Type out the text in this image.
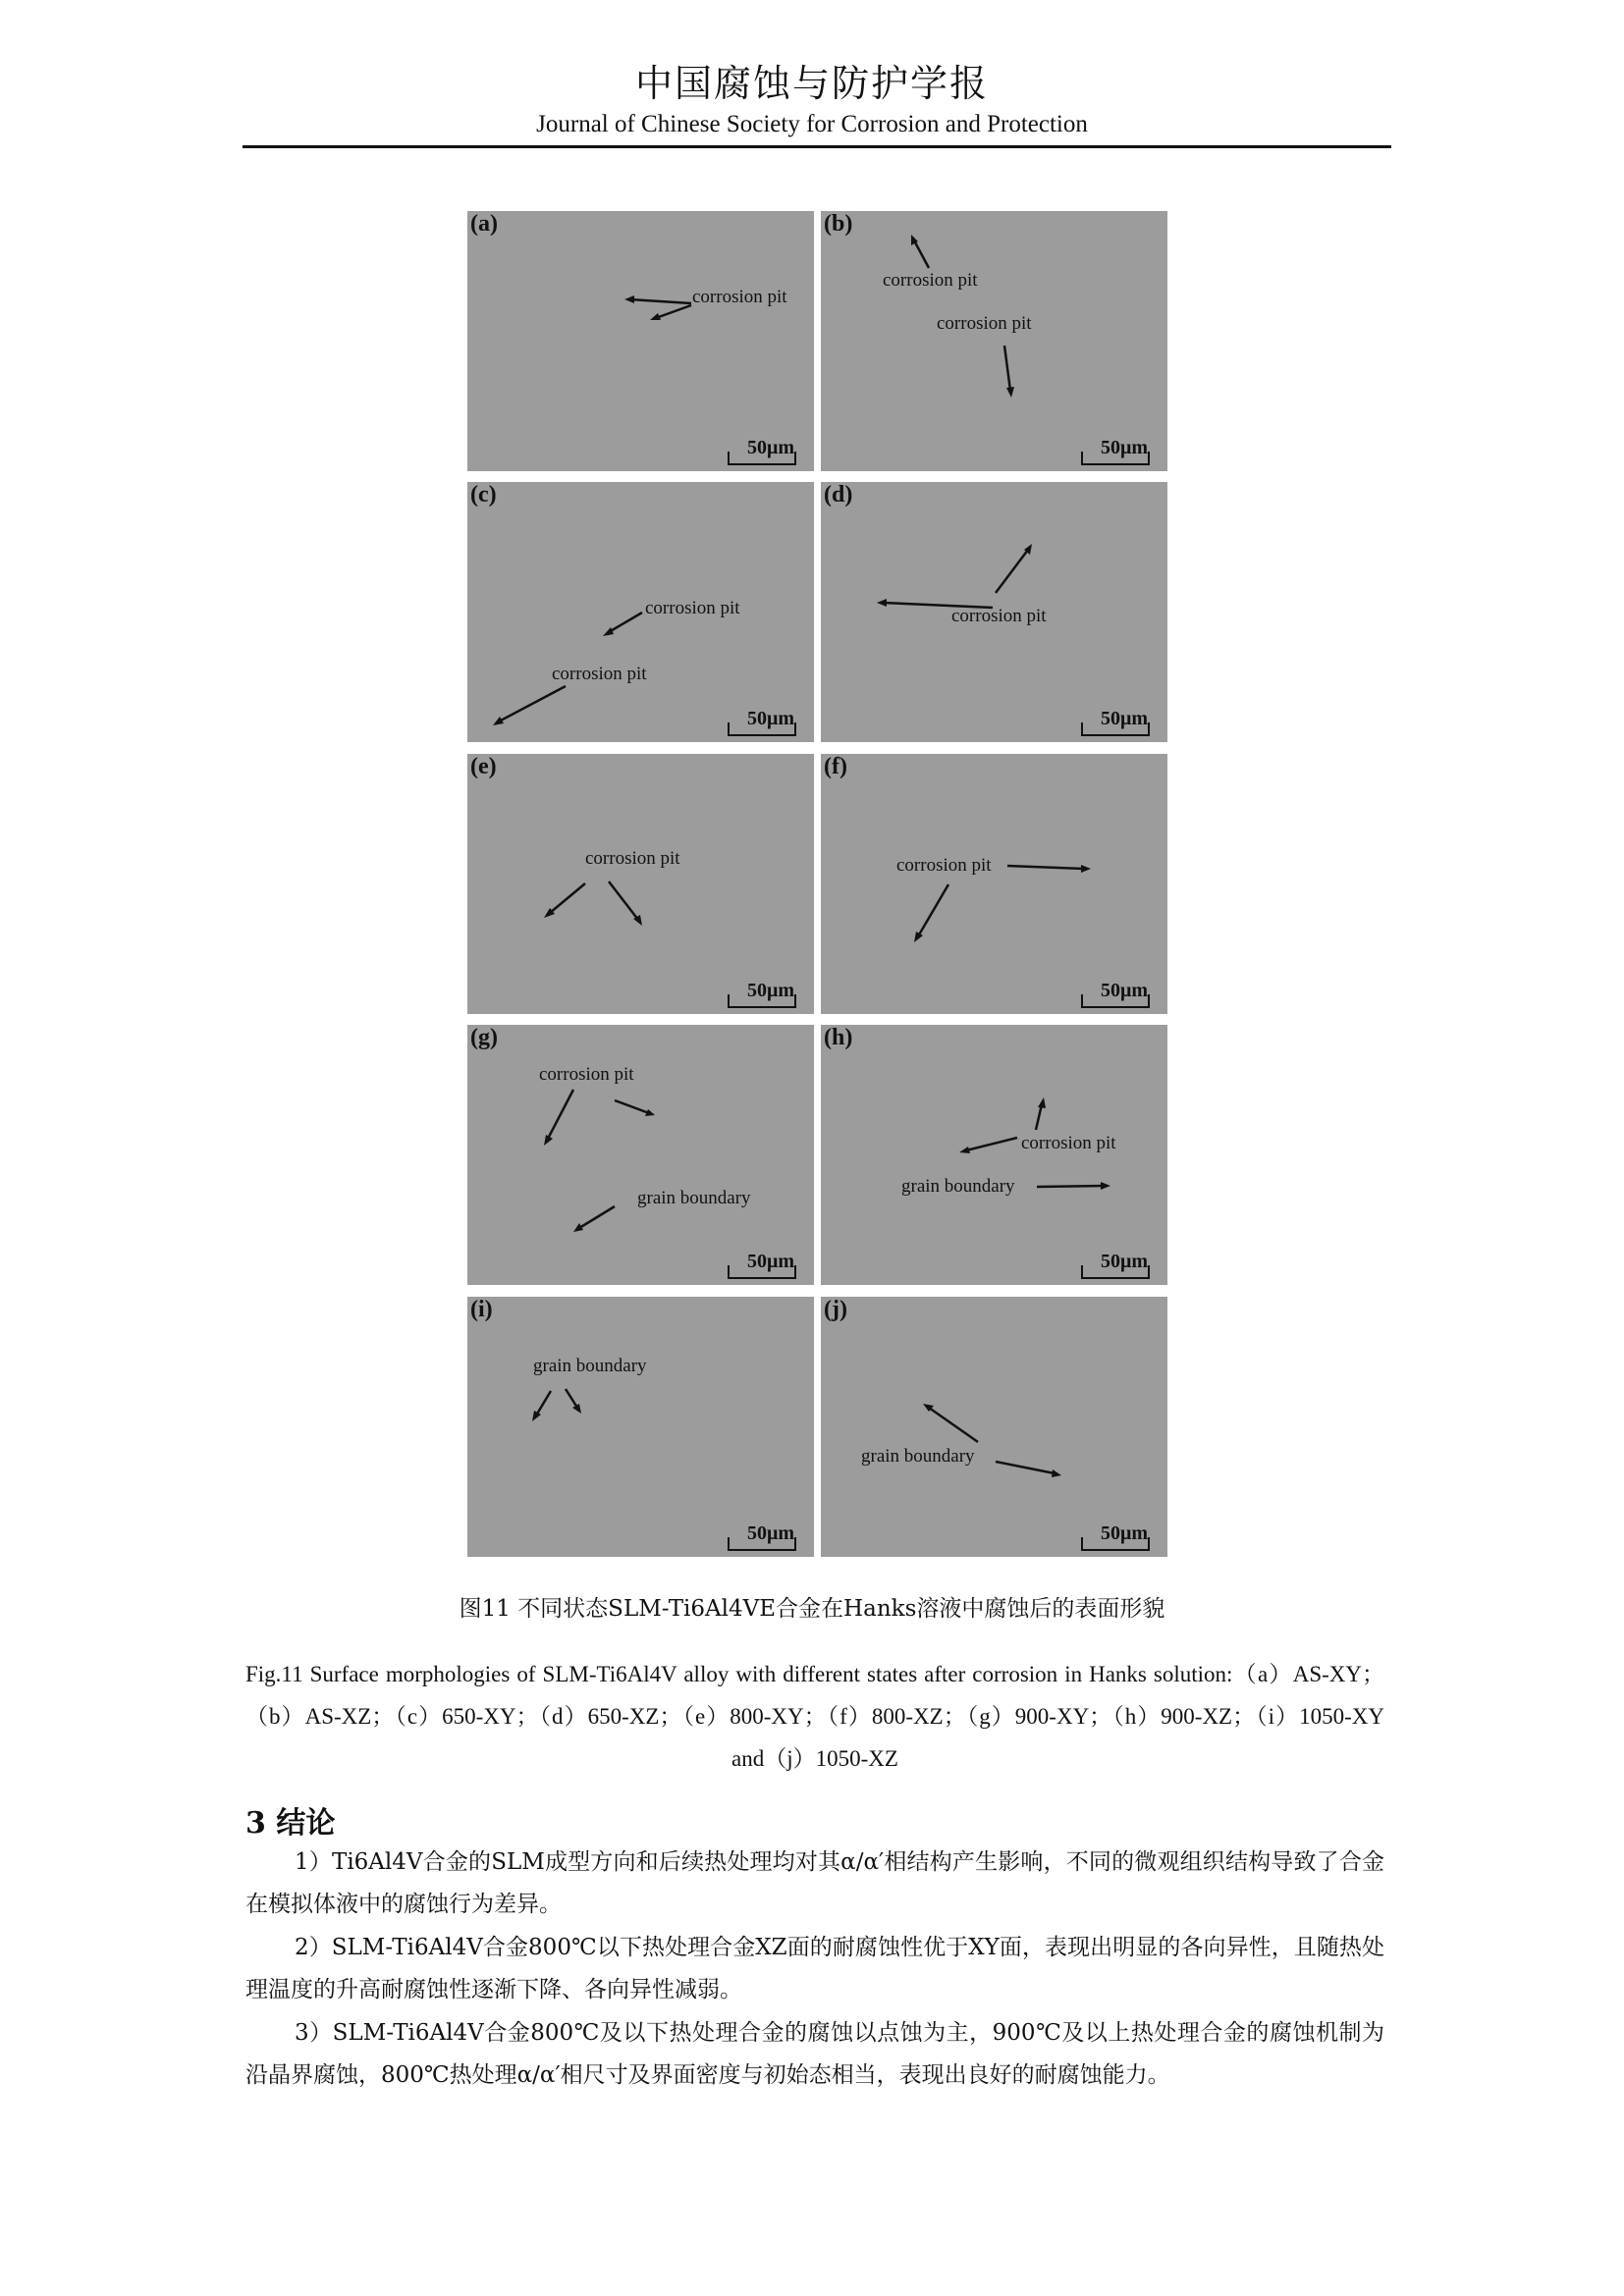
中国腐蚀与防护学报
Journal of Chinese Society for Corrosion and Protection
(a)
corrosion pit
50μm
(b)
corrosion pit
corrosion pit
50μm
(c)
corrosion pit
corrosion pit
50μm
(d)
corrosion pit
50μm
(e)
corrosion pit
50μm
(f)
corrosion pit
50μm
(g)
corrosion pit
grain boundary
50μm
(h)
corrosion pit
grain boundary
50μm
(i)
grain boundary
50μm
(j)
grain boundary
50μm
图11 不同状态SLM-Ti6Al4VE合金在Hanks溶液中腐蚀后的表面形貌
Fig.11 Surface morphologies of SLM-Ti6Al4V alloy with different states after corrosion in Hanks solution:（a）AS-XY；（b）AS-XZ；（c）650-XY；（d）650-XZ；（e）800-XY；（f）800-XZ；（g）900-XY；（h）900-XZ；（i）1050-XY and（j）1050-XZ
3 结论

1）Ti6Al4V合金的SLM成型方向和后续热处理均对其α/α′相结构产生影响，不同的微观组织结构导致了合金在模拟体液中的腐蚀行为差异。

2）SLM-Ti6Al4V合金800℃以下热处理合金XZ面的耐腐蚀性优于XY面，表现出明显的各向异性，且随热处理温度的升高耐腐蚀性逐渐下降、各向异性减弱。

3）SLM-Ti6Al4V合金800℃及以下热处理合金的腐蚀以点蚀为主，900℃及以上热处理合金的腐蚀机制为沿晶界腐蚀，800℃热处理α/α′相尺寸及界面密度与初始态相当，表现出良好的耐腐蚀能力。
